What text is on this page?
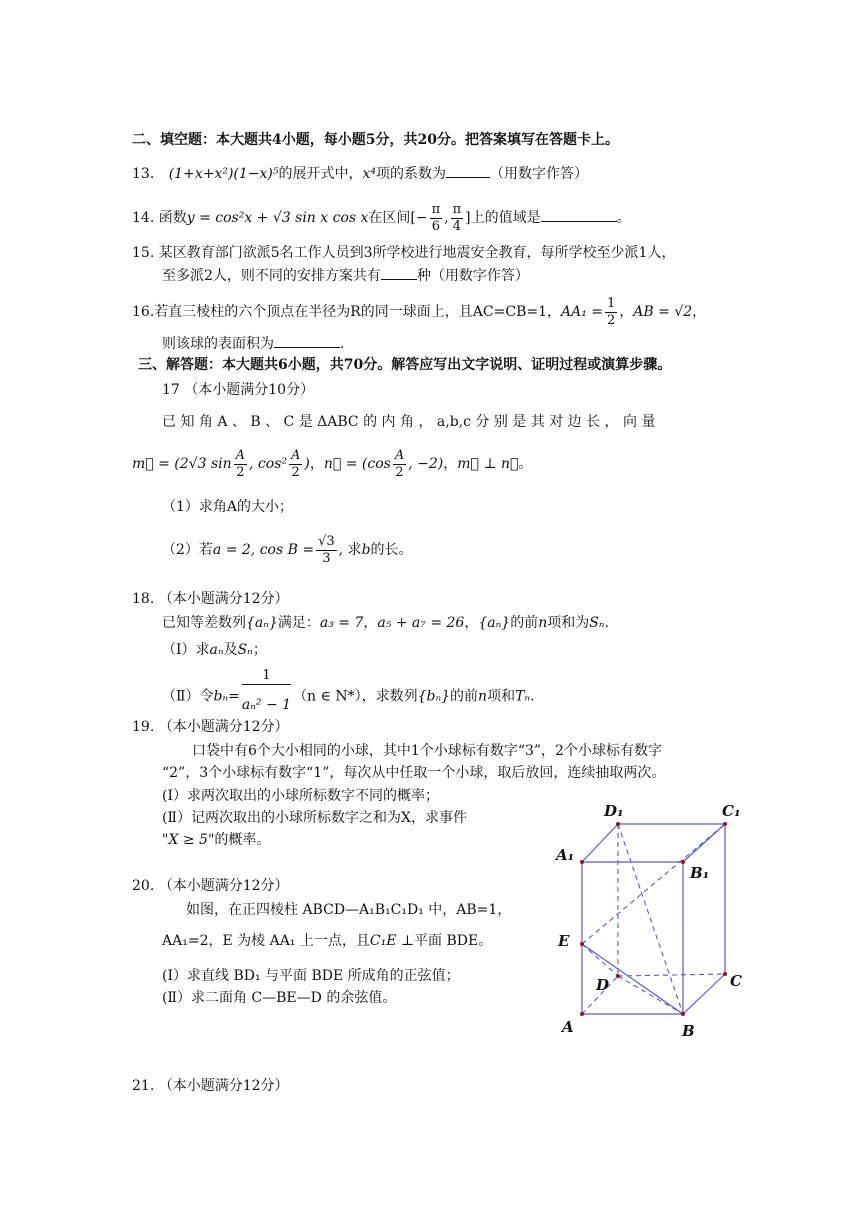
二、填空题：本大题共4小题，每小题5分，共20分。把答案填写在答题卡上。
13. (1+x+x²)(1−x)⁵的展开式中，x⁴项的系数为	（用数字作答）
14. 函数y = cos²x + √3 sin x cos x在区间[− $\frac{\pi}{6}$ , $\frac{\pi}{4}$ ]上的值域是	。
15. 某区教育部门欲派5名工作人员到3所学校进行地震安全教育，每所学校至少派1人，
至多派2人，则不同的安排方案共有	种（用数字作答）
16.若直三棱柱的六个顶点在半径为R的同一球面上，且AC=CB=1，$AA_1 = \frac{1}{2}$ ，AB = √2，
则该球的表面积为	.
三、解答题：本大题共6小题，共70分。解答应写出文字说明、证明过程或演算步骤。
17 （本小题满分10分）
已 知 角 A 、 B 、 C 是 ΔABC 的 内 角 ， a,b,c 分 别 是 其 对 边 长 ， 向 量
m⃗ = (2√3 $\sin \frac{A}{2}$ , $\cos^2 \frac{A}{2}$ )，n⃗ = ($\cos \frac{A}{2}$ , −2)，m⃗ ⊥ n⃗。
（1）求角A的大小；
（2）若a = 2, $\cos B = \frac{√3}{3}$ , 求b的长。
18. （本小题满分12分）
已知等差数列{aₙ}满足：a₃ = 7，a₅ + a₇ = 26，{aₙ}的前n项和为Sₙ.
（Ⅰ）求aₙ及Sₙ；
（Ⅱ）令$b_n= \frac{1}{\text{aₙ² − 1}} (n$ ∈ N*），求数列{bₙ}的前n项和Tₙ.
19. （本小题满分12分）
口袋中有6个大小相同的小球，其中1个小球标有数字“3”，2个小球标有数字
“2”，3个小球标有数字“1”，每次从中任取一个小球，取后放回，连续抽取两次。
(Ⅰ）求两次取出的小球所标数字不同的概率；
(Ⅱ）记两次取出的小球所标数字之和为X，求事件
"X ≥ 5"的概率。
20. （本小题满分12分）
如图，在正四棱柱 ABCD—A₁B₁C₁D₁ 中，AB=1，
AA₁=2，E 为棱 AA₁ 上一点，且C₁E ⊥平面 BDE。
(Ⅰ）求直线 BD₁ 与平面 BDE 所成角的正弦值；
(Ⅱ）求二面角 C—BE—D 的余弦值。
21. （本小题满分12分）
D₁	C₁
A₁
B₁
E
D	C
A	B
